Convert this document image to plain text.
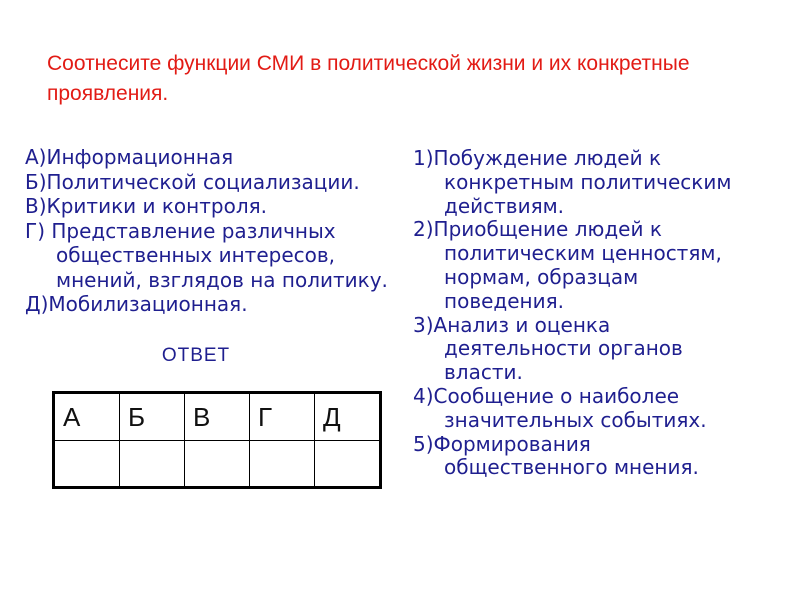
Соотнесите функции СМИ в политической жизни и их конкретные проявления.
А)Информационная
Б)Политической социализации.
В)Критики и контроля.
Г) Представление различных
общественных интересов,
мнений, взглядов на политику.
Д)Мобилизационная.
1)Побуждение людей к
конкретным политическим
действиям.
2)Приобщение людей к
политическим ценностям,
нормам, образцам
поведения.
3)Анализ и оценка
деятельности органов
власти.
4)Сообщение о наиболее
значительных событиях.
5)Формирования
общественного мнения.
ОТВЕТ
А	Б	В	Г	Д
